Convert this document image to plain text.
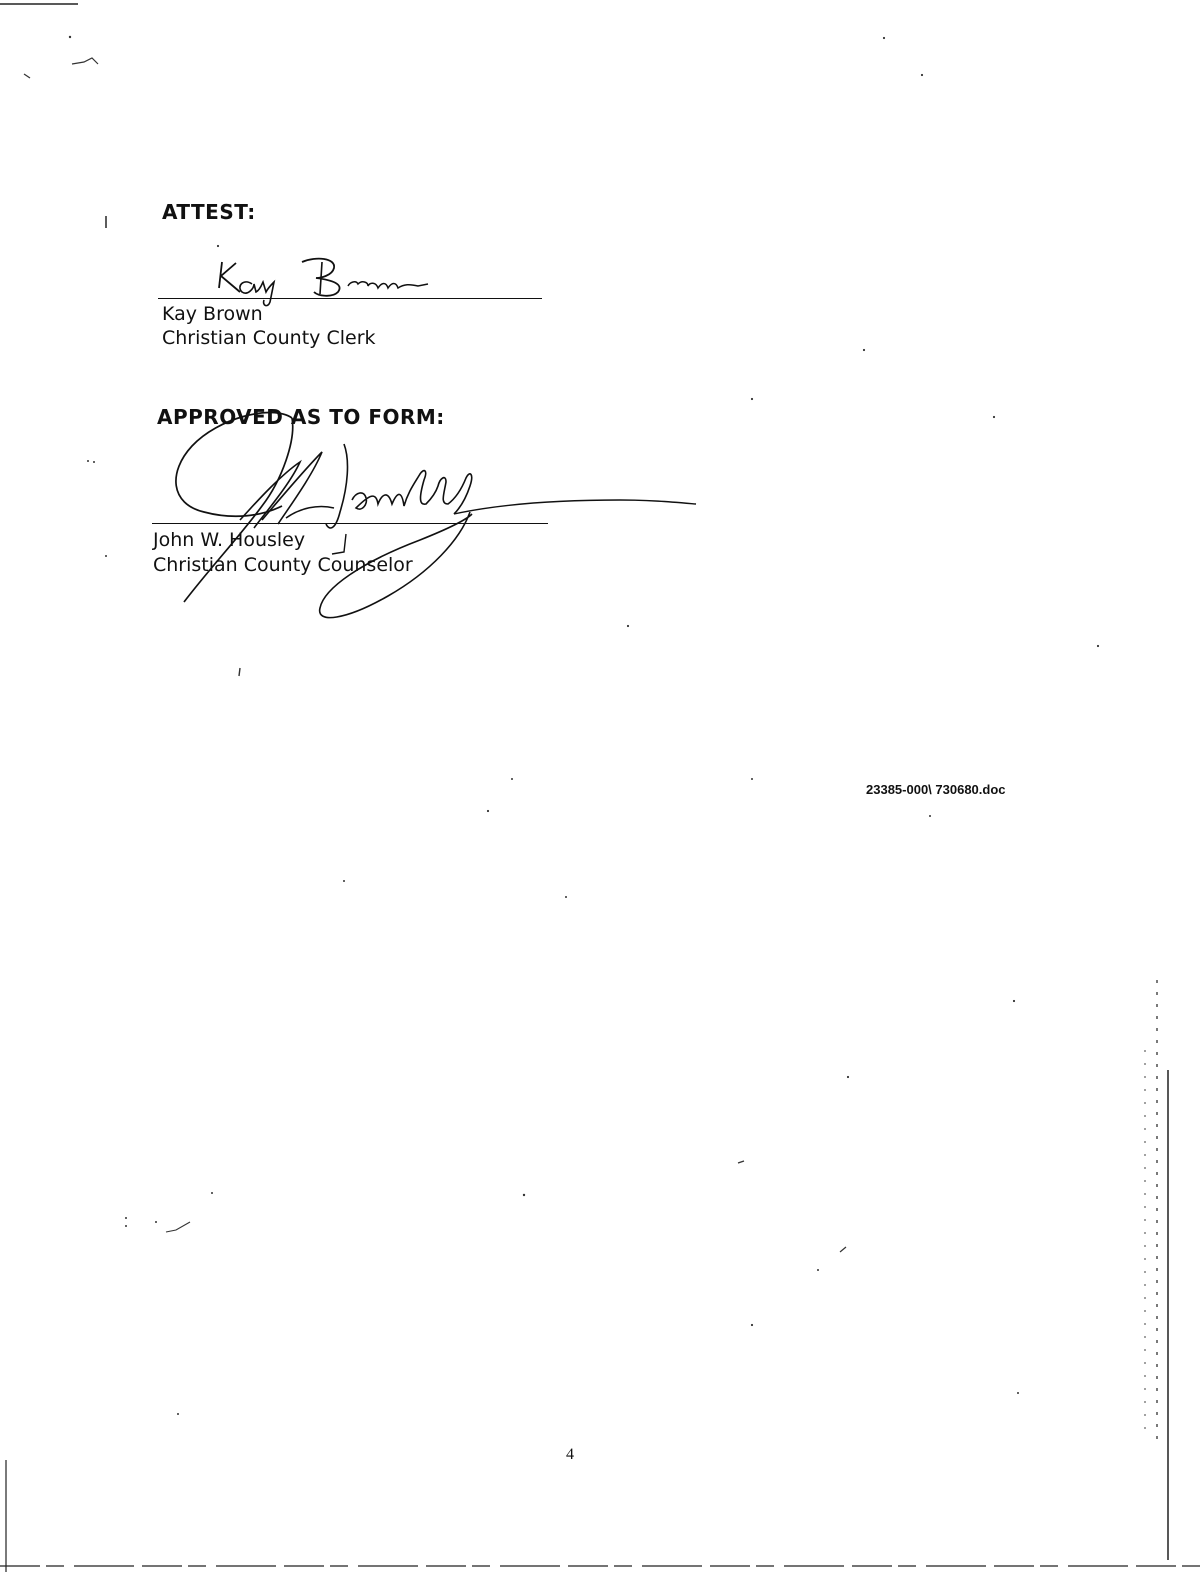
ATTEST:
Kay Brown
Christian County Clerk
APPROVED AS TO FORM:
John W. Housley
Christian County Counselor
23385-000\ 730680.doc
4
